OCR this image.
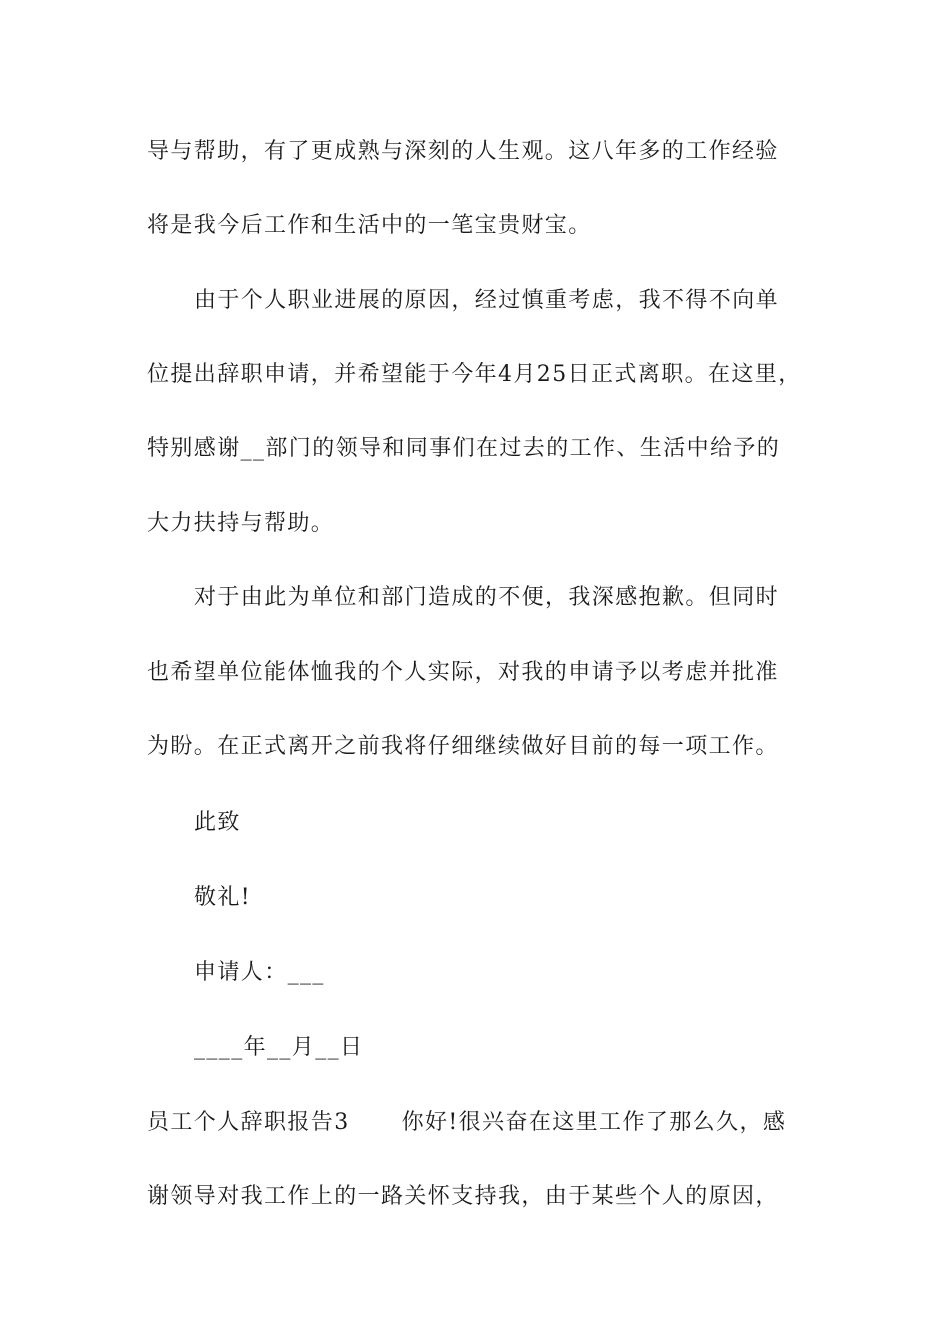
导与帮助，有了更成熟与深刻的人生观。这八年多的工作经验
将是我今后工作和生活中的一笔宝贵财宝。
由于个人职业进展的原因，经过慎重考虑，我不得不向单
位提出辞职申请，并希望能于今年4月25日正式离职。在这里，
特别感谢__部门的领导和同事们在过去的工作、生活中给予的
大力扶持与帮助。
对于由此为单位和部门造成的不便，我深感抱歉。但同时
也希望单位能体恤我的个人实际，对我的申请予以考虑并批准
为盼。在正式离开之前我将仔细继续做好目前的每一项工作。
此致
敬礼!
申请人：___
____年__月__日
员工个人辞职报告3 你好!很兴奋在这里工作了那么久，感
谢领导对我工作上的一路关怀支持我，由于某些个人的原因，
